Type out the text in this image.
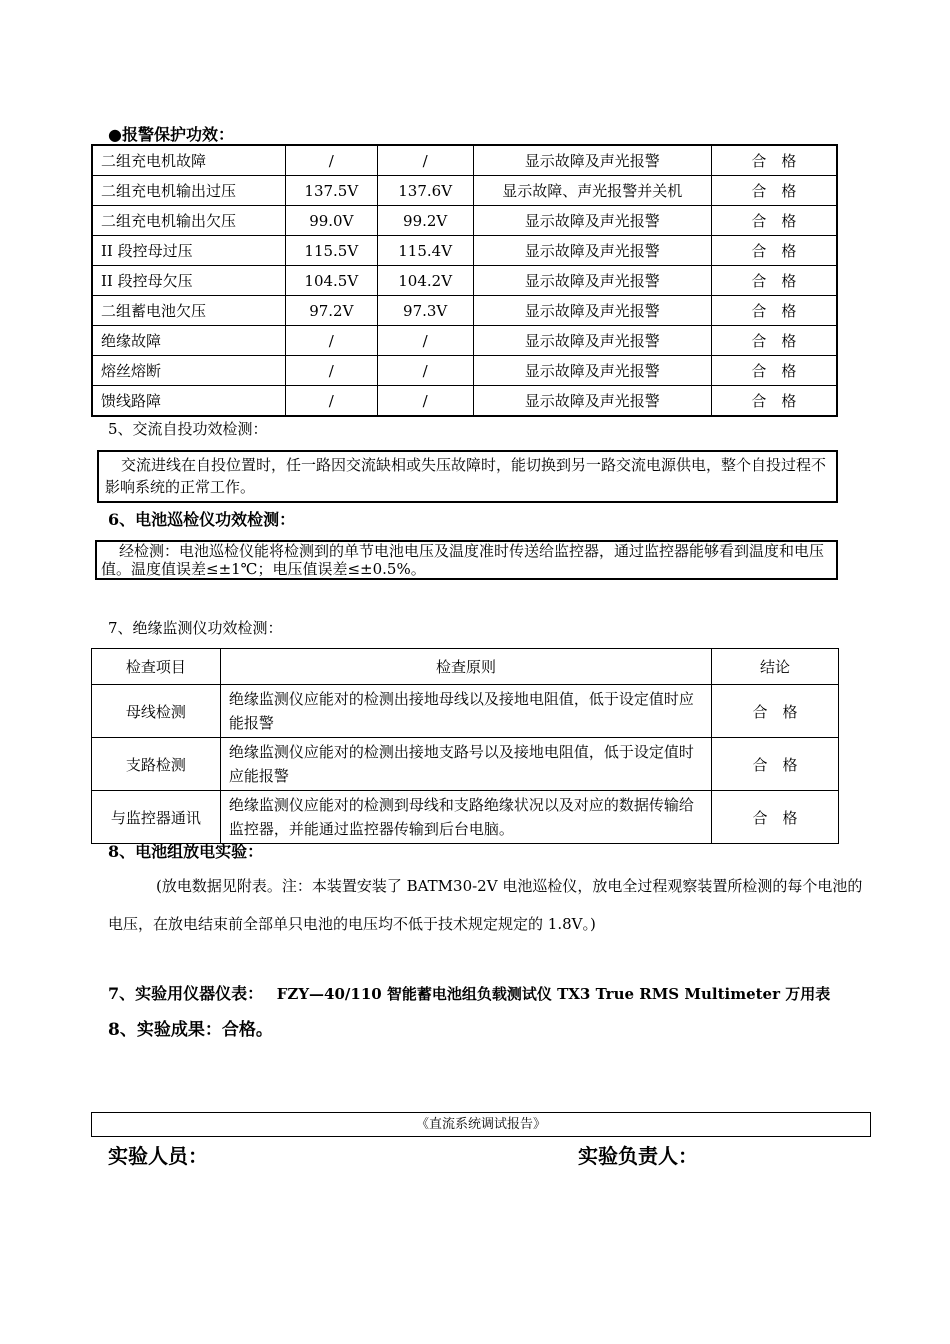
●报警保护功效：
二组充电机故障	/	/	显示故障及声光报警	合　格
二组充电机输出过压	137.5V	137.6V	显示故障、声光报警并关机	合　格
二组充电机输出欠压	99.0V	99.2V	显示故障及声光报警	合　格
II 段控母过压	115.5V	115.4V	显示故障及声光报警	合　格
II 段控母欠压	104.5V	104.2V	显示故障及声光报警	合　格
二组蓄电池欠压	97.2V	97.3V	显示故障及声光报警	合　格
绝缘故障	/	/	显示故障及声光报警	合　格
熔丝熔断	/	/	显示故障及声光报警	合　格
馈线路障	/	/	显示故障及声光报警	合　格
5、交流自投功效检测：
交流进线在自投位置时，任一路因交流缺相或失压故障时，能切换到另一路交流电源供电，整个自投过程不影响系统的正常工作。
6、电池巡检仪功效检测：
经检测：电池巡检仪能将检测到的单节电池电压及温度准时传送给监控器，通过监控器能够看到温度和电压值。温度值误差≤±1℃；电压值误差≤±0.5%。
7、绝缘监测仪功效检测：
检查项目	检查原则	结论
母线检测	绝缘监测仪应能对的检测出接地母线以及接地电阻值，低于设定值时应能报警	合　格
支路检测	绝缘监测仪应能对的检测出接地支路号以及接地电阻值，低于设定值时应能报警	合　格
与监控器通讯	绝缘监测仪应能对的检测到母线和支路绝缘状况以及对应的数据传输给监控器，并能通过监控器传输到后台电脑。	合　格
8、电池组放电实验：
(放电数据见附表。注：本装置安装了 BATM30-2V 电池巡检仪，放电全过程观察装置所检测的每个电池的电压，在放电结束前全部单只电池的电压均不低于技术规定规定的 1.8V。)
7、实验用仪器仪表： FZY—40/110 智能蓄电池组负载测试仪 TX3 True RMS Multimeter 万用表
8、实验成果：合格。
《直流系统调试报告》
实验人员：	实验负责人：
